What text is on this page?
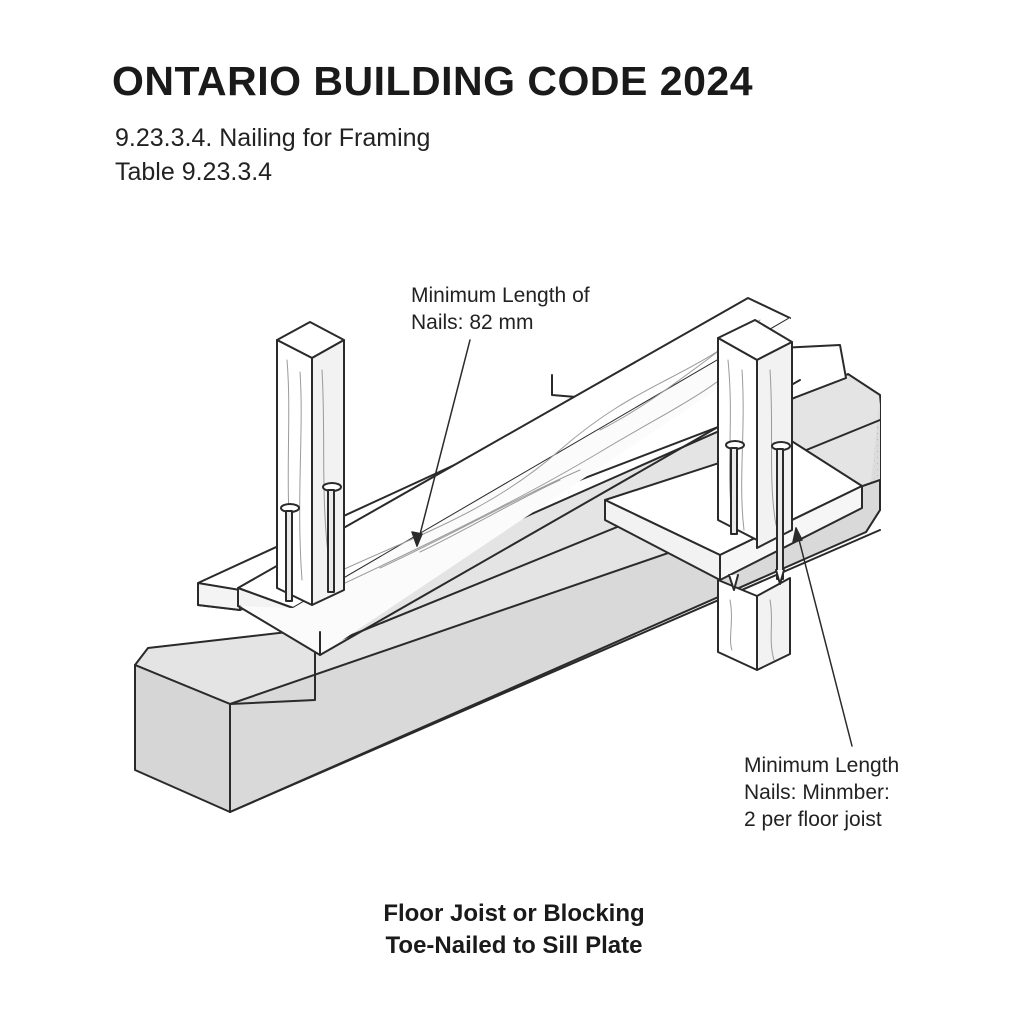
ONTARIO BUILDING CODE 2024
9.23.3.4. Nailing for Framing
Table 9.23.3.4
Minimum Length of
Nails: 82 mm
Minimum Length
Nails: Minmber:
2 per floor joist
Floor Joist or Blocking
Toe-Nailed to Sill Plate
